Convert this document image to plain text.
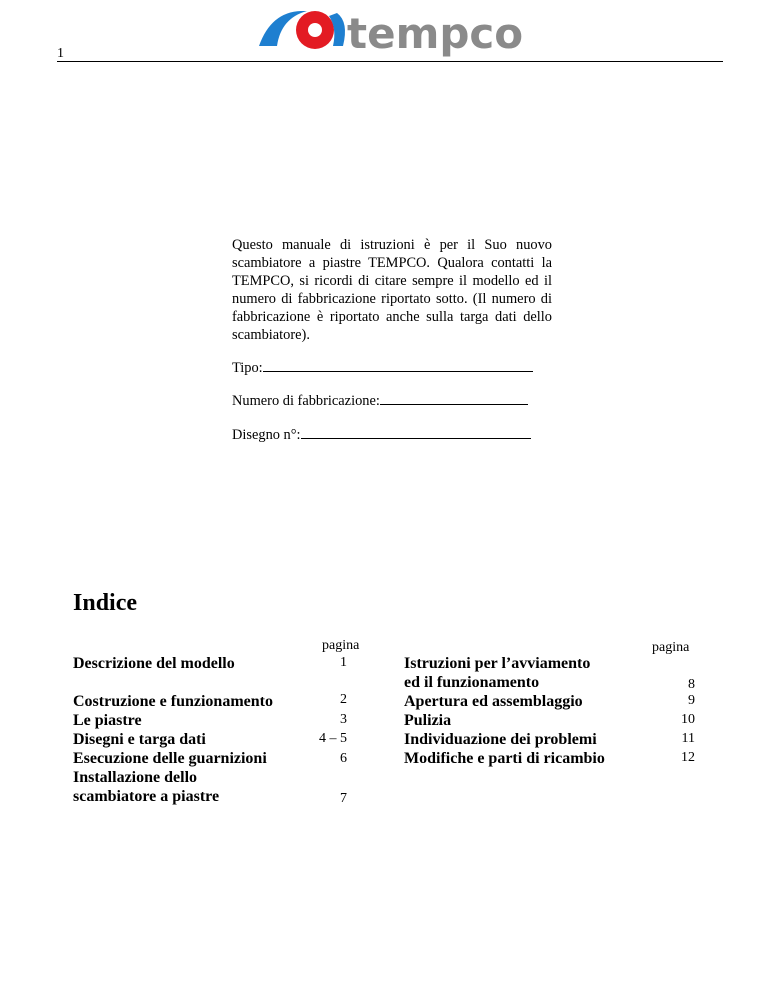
1	tempco
Questo manuale di istruzioni è per il Suo nuovo scambiatore a piastre TEMPCO. Qualora contatti la TEMPCO, si ricordi di citare sempre il modello ed il numero di fabbricazione riportato sotto. (Il numero di fabbricazione è riportato anche sulla targa dati dello scambiatore).
Tipo:
Numero di fabbricazione:
Disegno n°:
Indice
pagina	pagina
Descrizione del modello	1
Costruzione e funzionamento	2
Le piastre	3
Disegni e targa dati	4 – 5
Esecuzione delle guarnizioni	6
Installazione dello
scambiatore a piastre	7
Istruzioni per l’avviamento
ed il funzionamento	8
Apertura ed assemblaggio	9
Pulizia	10
Individuazione dei problemi	11
Modifiche e parti di ricambio	12
